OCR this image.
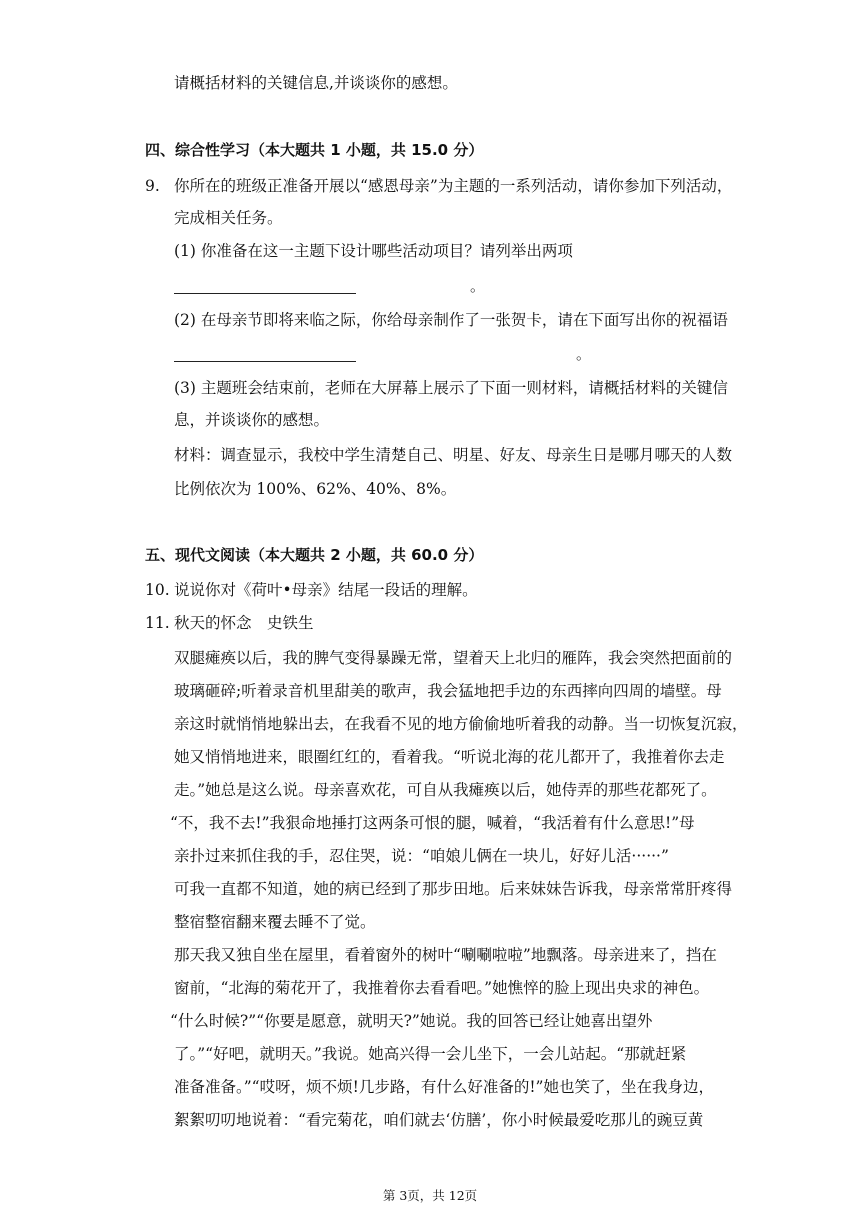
请概括材料的关键信息,并谈谈你的感想。
四、综合性学习（本大题共 1 小题，共 15.0 分）
9. 你所在的班级正准备开展以“感恩母亲”为主题的一系列活动，请你参加下列活动，
完成相关任务。
(1) 你准备在这一主题下设计哪些活动项目？请列举出两项
。
(2) 在母亲节即将来临之际，你给母亲制作了一张贺卡，请在下面写出你的祝福语
。
(3) 主题班会结束前，老师在大屏幕上展示了下面一则材料，请概括材料的关键信
息，并谈谈你的感想。
材料：调查显示，我校中学生清楚自己、明星、好友、母亲生日是哪月哪天的人数
比例依次为 100%、62%、40%、8%。
五、现代文阅读（本大题共 2 小题，共 60.0 分）
10. 说说你对《荷叶•母亲》结尾一段话的理解。
11. 秋天的怀念　史铁生
双腿瘫痪以后，我的脾气变得暴躁无常，望着天上北归的雁阵，我会突然把面前的
玻璃砸碎;听着录音机里甜美的歌声，我会猛地把手边的东西摔向四周的墙壁。母
亲这时就悄悄地躲出去，在我看不见的地方偷偷地听着我的动静。当一切恢复沉寂，
她又悄悄地进来，眼圈红红的，看着我。“听说北海的花儿都开了，我推着你去走
走。”她总是这么说。母亲喜欢花，可自从我瘫痪以后，她侍弄的那些花都死了。
“不，我不去!”我狠命地捶打这两条可恨的腿，喊着，“我活着有什么意思!”母
亲扑过来抓住我的手，忍住哭，说：“咱娘儿俩在一块儿，好好儿活······”
可我一直都不知道，她的病已经到了那步田地。后来妹妹告诉我，母亲常常肝疼得
整宿整宿翻来覆去睡不了觉。
那天我又独自坐在屋里，看着窗外的树叶“唰唰啦啦”地飘落。母亲进来了，挡在
窗前，“北海的菊花开了，我推着你去看看吧。”她憔悴的脸上现出央求的神色。
“什么时候?”“你要是愿意，就明天?”她说。我的回答已经让她喜出望外
了。”“好吧，就明天。”我说。她高兴得一会儿坐下，一会儿站起。“那就赶紧
准备准备。”“哎呀，烦不烦!几步路，有什么好准备的!”她也笑了，坐在我身边，
絮絮叨叨地说着：“看完菊花，咱们就去‘仿膳’，你小时候最爱吃那儿的豌豆黄
第 3页，共 12页
